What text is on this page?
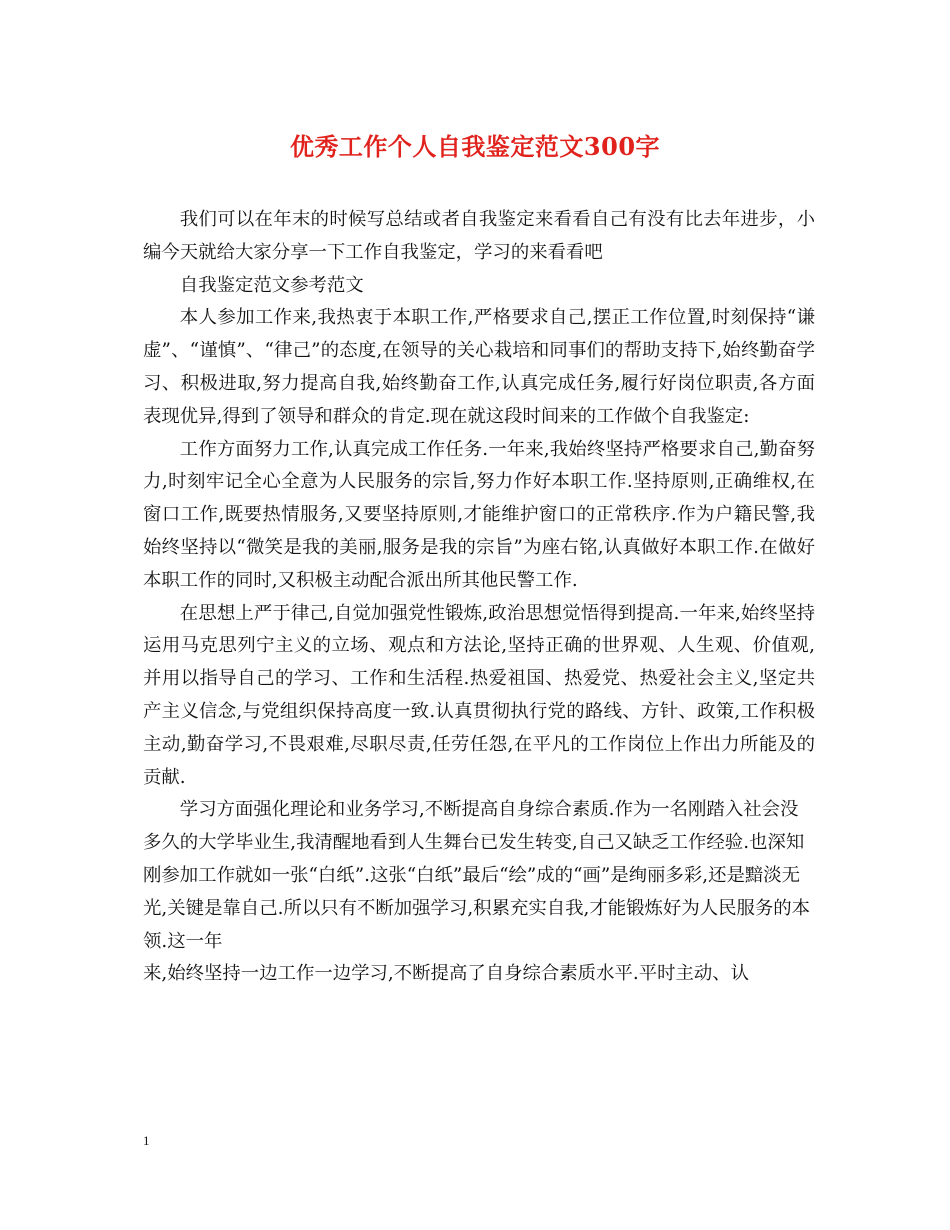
优秀工作个人自我鉴定范文300字

我们可以在年末的时候写总结或者自我鉴定来看看自己有没有比去年进步，小编今天就给大家分享一下工作自我鉴定，学习的来看看吧

自我鉴定范文参考范文

本人参加工作来,我热衷于本职工作,严格要求自己,摆正工作位置,时刻保持“谦虚”、“谨慎”、“律己”的态度,在领导的关心栽培和同事们的帮助支持下,始终勤奋学习、积极进取,努力提高自我,始终勤奋工作,认真完成任务,履行好岗位职责,各方面表现优异,得到了领导和群众的肯定.现在就这段时间来的工作做个自我鉴定:

工作方面努力工作,认真完成工作任务.一年来,我始终坚持严格要求自己,勤奋努力,时刻牢记全心全意为人民服务的宗旨,努力作好本职工作.坚持原则,正确维权,在窗口工作,既要热情服务,又要坚持原则,才能维护窗口的正常秩序.作为户籍民警,我始终坚持以“微笑是我的美丽,服务是我的宗旨”为座右铭,认真做好本职工作.在做好本职工作的同时,又积极主动配合派出所其他民警工作.

在思想上严于律己,自觉加强党性锻炼,政治思想觉悟得到提高.一年来,始终坚持运用马克思列宁主义的立场、观点和方法论,坚持正确的世界观、人生观、价值观,并用以指导自己的学习、工作和生活程.热爱祖国、热爱党、热爱社会主义,坚定共产主义信念,与党组织保持高度一致.认真贯彻执行党的路线、方针、政策,工作积极主动,勤奋学习,不畏艰难,尽职尽责,任劳任怨,在平凡的工作岗位上作出力所能及的贡献.

学习方面强化理论和业务学习,不断提高自身综合素质.作为一名刚踏入社会没多久的大学毕业生,我清醒地看到人生舞台已发生转变,自己又缺乏工作经验.也深知刚参加工作就如一张“白纸”.这张“白纸”最后“绘”成的“画”是绚丽多彩,还是黯淡无光,关键是靠自己.所以只有不断加强学习,积累充实自我,才能锻炼好为人民服务的本领.这一年

来,始终坚持一边工作一边学习,不断提高了自身综合素质水平.平时主动、认

1
